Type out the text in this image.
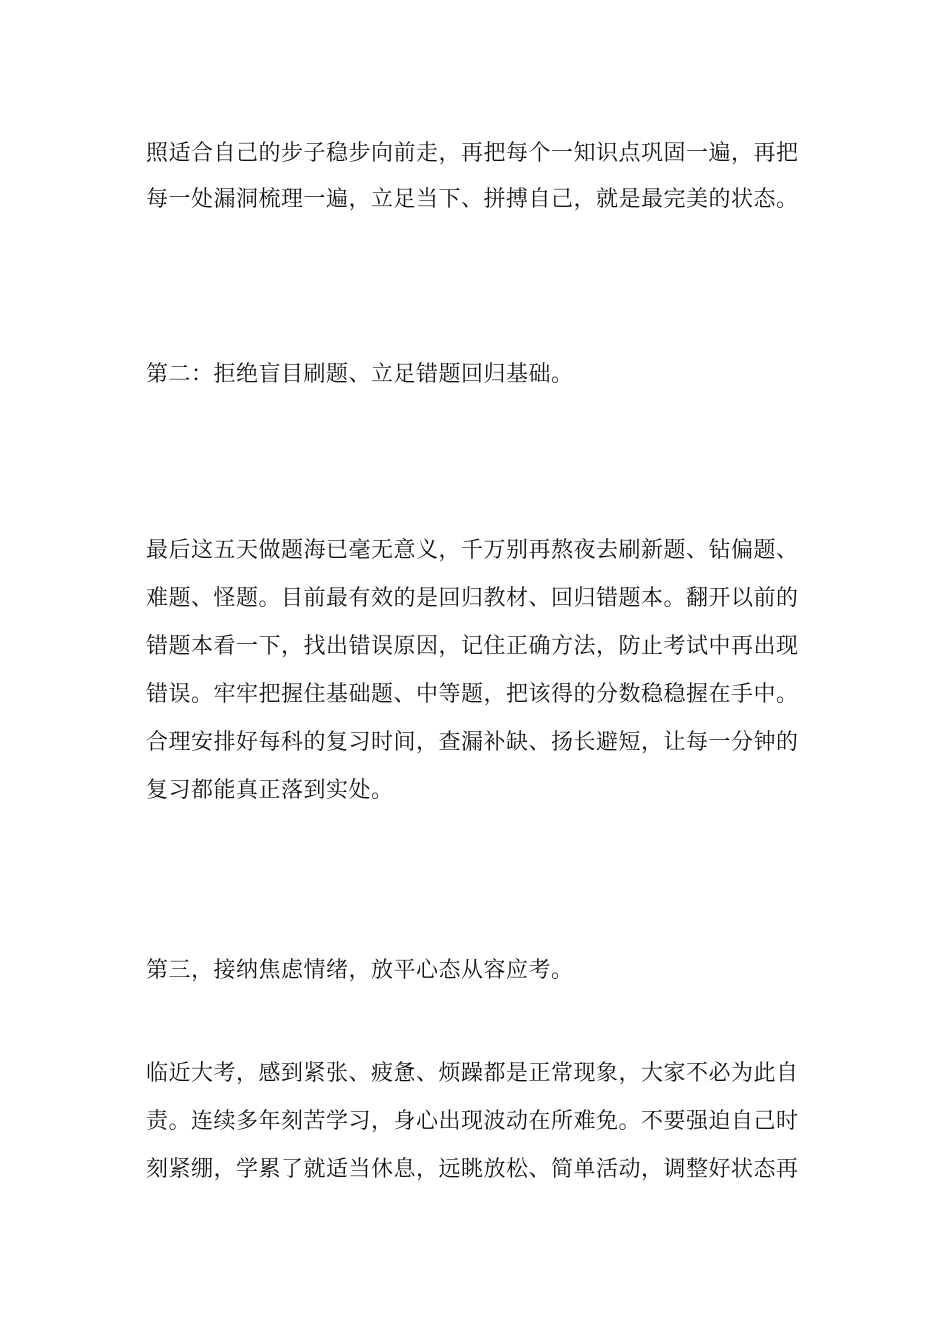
照适合自己的步子稳步向前走，再把每个一知识点巩固一遍，再把
每一处漏洞梳理一遍，立足当下、拼搏自己，就是最完美的状态。
第二：拒绝盲目刷题、立足错题回归基础。
最后这五天做题海已毫无意义，千万别再熬夜去刷新题、钻偏题、
难题、怪题。目前最有效的是回归教材、回归错题本。翻开以前的
错题本看一下，找出错误原因，记住正确方法，防止考试中再出现
错误。牢牢把握住基础题、中等题，把该得的分数稳稳握在手中。
合理安排好每科的复习时间，查漏补缺、扬长避短，让每一分钟的
复习都能真正落到实处。
第三，接纳焦虑情绪，放平心态从容应考。
临近大考，感到紧张、疲惫、烦躁都是正常现象，大家不必为此自
责。连续多年刻苦学习，身心出现波动在所难免。不要强迫自己时
刻紧绷，学累了就适当休息，远眺放松、简单活动，调整好状态再
